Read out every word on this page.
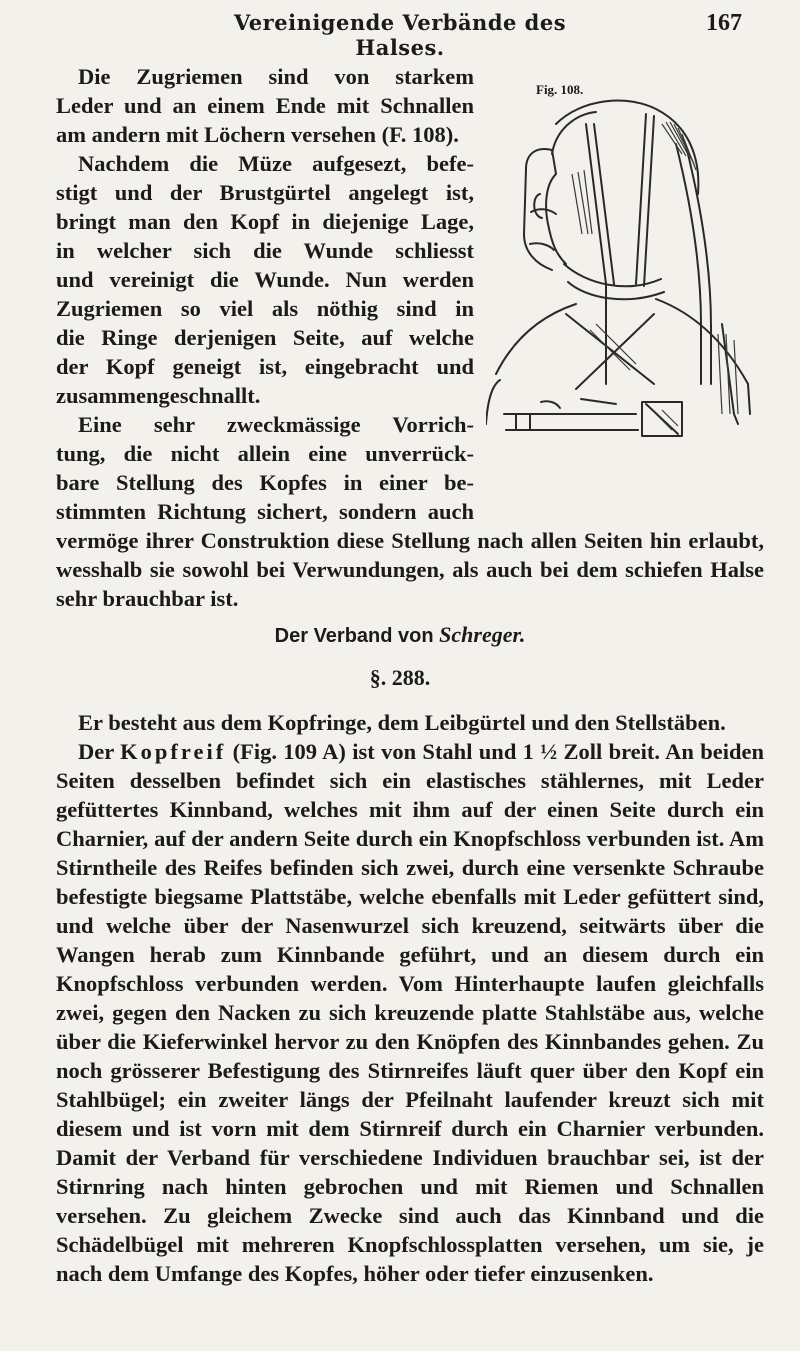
Vereinigende Verbände des Halses.
167

Die Zugriemen sind von starkem

Leder und an einem Ende mit Schnallen

am andern mit Löchern versehen (F. 108).

Nachdem die Müze aufgesezt, befe-

stigt und der Brustgürtel angelegt ist,

bringt man den Kopf in diejenige Lage,

in welcher sich die Wunde schliesst

und vereinigt die Wunde. Nun werden

Zugriemen so viel als nöthig sind in

die Ringe derjenigen Seite, auf welche

der Kopf geneigt ist, eingebracht und

zusammengeschnallt.

Eine sehr zweckmässige Vorrich-

tung, die nicht allein eine unverrück-

bare Stellung des Kopfes in einer be-

stimmten Richtung sichert, sondern auch

vermöge ihrer Construktion diese Stellung nach allen Seiten hin erlaubt, wesshalb sie sowohl bei Verwundungen, als auch bei dem schiefen Halse sehr brauchbar ist.

Fig. 108.
Der Verband von Schreger.
§. 288.

Er besteht aus dem Kopfringe, dem Leibgürtel und den Stellstäben.

Der Kopfreif (Fig. 109 A) ist von Stahl und 1 ½ Zoll breit. An beiden Seiten desselben befindet sich ein elastisches stählernes, mit Leder gefüttertes Kinnband, welches mit ihm auf der einen Seite durch ein Charnier, auf der andern Seite durch ein Knopfschloss verbunden ist. Am Stirntheile des Reifes befinden sich zwei, durch eine versenkte Schraube befestigte biegsame Plattstäbe, welche ebenfalls mit Leder gefüttert sind, und welche über der Nasenwurzel sich kreuzend, seitwärts über die Wangen herab zum Kinnbande geführt, und an diesem durch ein Knopfschloss verbunden werden. Vom Hinterhaupte laufen gleichfalls zwei, gegen den Nacken zu sich kreuzende platte Stahlstäbe aus, welche über die Kieferwinkel hervor zu den Knöpfen des Kinnbandes gehen. Zu noch grösserer Befestigung des Stirnreifes läuft quer über den Kopf ein Stahlbügel; ein zweiter längs der Pfeilnaht laufender kreuzt sich mit diesem und ist vorn mit dem Stirnreif durch ein Charnier verbunden. Damit der Verband für verschiedene Individuen brauchbar sei, ist der Stirnring nach hinten gebrochen und mit Riemen und Schnallen versehen. Zu gleichem Zwecke sind auch das Kinnband und die Schädelbügel mit mehreren Knopfschlossplatten versehen, um sie, je nach dem Umfange des Kopfes, höher oder tiefer einzusenken.
